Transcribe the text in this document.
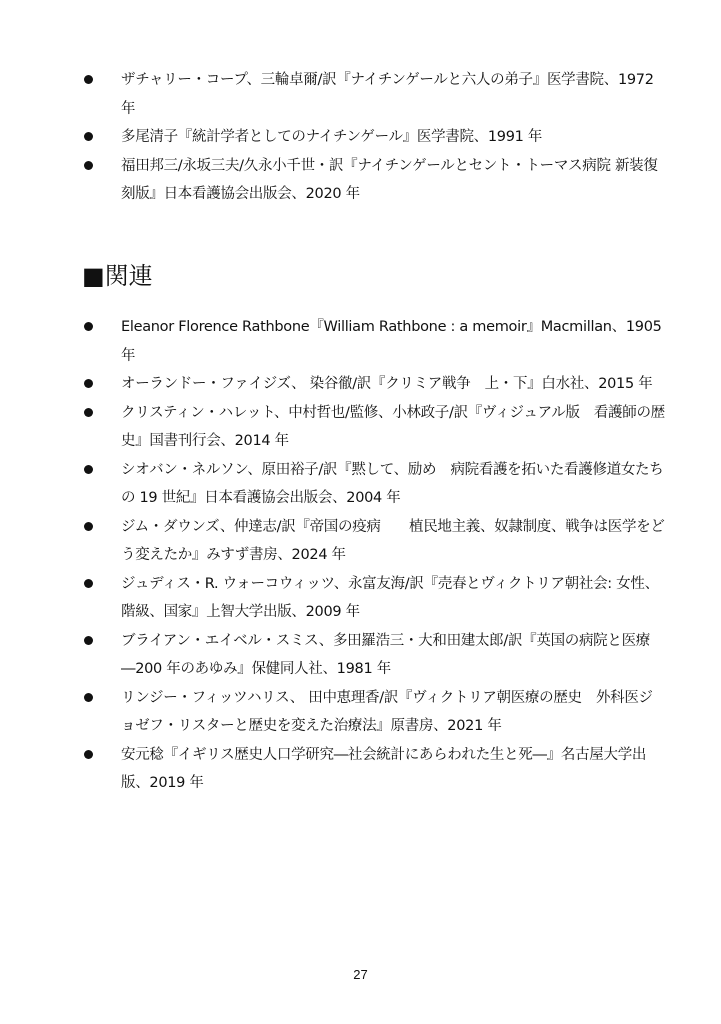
ザチャリー・コープ、三輪卓爾/訳『ナイチンゲールと六人の弟子』医学書院、1972年
多尾清子『統計学者としてのナイチンゲール』医学書院、1991 年
福田邦三/永坂三夫/久永小千世・訳『ナイチンゲールとセント・トーマス病院 新装復刻版』日本看護協会出版会、2020 年
■関連
Eleanor Florence Rathbone『William Rathbone : a memoir』Macmillan、1905 年
オーランドー・ファイジズ、 染谷徹/訳『クリミア戦争　上・下』白水社、2015 年
クリスティン・ハレット、中村哲也/監修、小林政子/訳『ヴィジュアル版　看護師の歴史』国書刊行会、2014 年
シオバン・ネルソン、原田裕子/訳『黙して、励め　病院看護を拓いた看護修道女たちの 19 世紀』日本看護協会出版会、2004 年
ジム・ダウンズ、仲達志/訳『帝国の疫病　　植民地主義、奴隷制度、戦争は医学をどう変えたか』みすず書房、2024 年
ジュディス・R. ウォーコウィッツ、永富友海/訳『売春とヴィクトリア朝社会: 女性、階級、国家』上智大学出版、2009 年
ブライアン・エイベル・スミス、多田羅浩三・大和田建太郎/訳『英国の病院と医療―200 年のあゆみ』保健同人社、1981 年
リンジー・フィッツハリス、 田中恵理香/訳『ヴィクトリア朝医療の歴史　外科医ジョゼフ・リスターと歴史を変えた治療法』原書房、2021 年
安元稔『イギリス歴史人口学研究―社会統計にあらわれた生と死―』名古屋大学出版、2019 年
27
